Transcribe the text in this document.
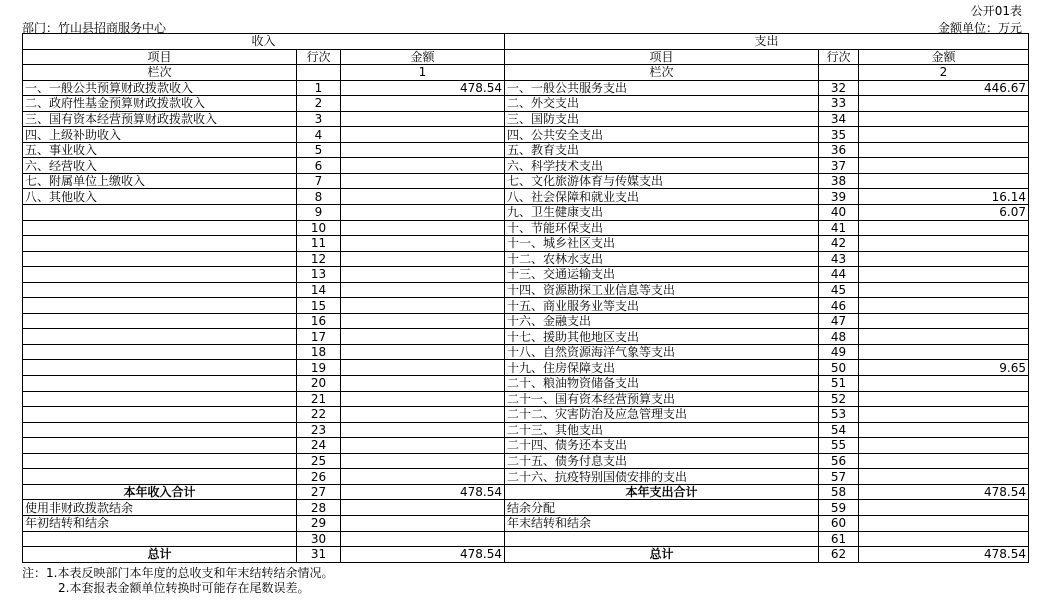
公开01表
部门：竹山县招商服务中心	金额单位：万元
收入			支出		
项目	行次	金额	项目	行次	金额
栏次		1	栏次		2
一、一般公共预算财政拨款收入	1	478.54	一、一般公共服务支出	32	446.67
二、政府性基金预算财政拨款收入	2		二、外交支出	33	
三、国有资本经营预算财政拨款收入	3		三、国防支出	34	
四、上级补助收入	4		四、公共安全支出	35	
五、事业收入	5		五、教育支出	36	
六、经营收入	6		六、科学技术支出	37	
七、附属单位上缴收入	7		七、文化旅游体育与传媒支出	38	
八、其他收入	8		八、社会保障和就业支出	39	16.14
	9		九、卫生健康支出	40	6.07
	10		十、节能环保支出	41	
	11		十一、城乡社区支出	42	
	12		十二、农林水支出	43	
	13		十三、交通运输支出	44	
	14		十四、资源勘探工业信息等支出	45	
	15		十五、商业服务业等支出	46	
	16		十六、金融支出	47	
	17		十七、援助其他地区支出	48	
	18		十八、自然资源海洋气象等支出	49	
	19		十九、住房保障支出	50	9.65
	20		二十、粮油物资储备支出	51	
	21		二十一、国有资本经营预算支出	52	
	22		二十二、灾害防治及应急管理支出	53	
	23		二十三、其他支出	54	
	24		二十四、债务还本支出	55	
	25		二十五、债务付息支出	56	
	26		二十六、抗疫特别国债安排的支出	57	
本年收入合计	27	478.54	本年支出合计	58	478.54
使用非财政拨款结余	28		结余分配	59	
年初结转和结余	29		年末结转和结余	60	
	30			61	
总计	31	478.54	总计	62	478.54
注：1.本表反映部门本年度的总收支和年末结转结余情况。
2.本套报表金额单位转换时可能存在尾数误差。
